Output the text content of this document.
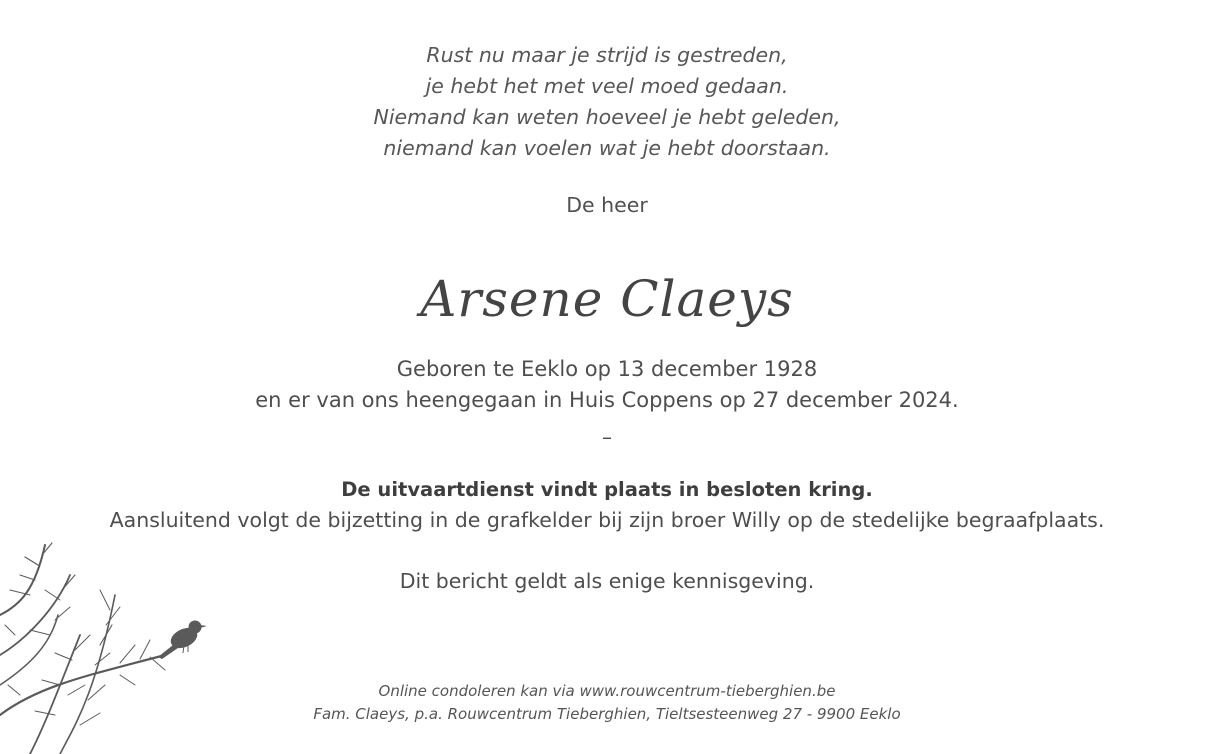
Rust nu maar je strijd is gestreden,
je hebt het met veel moed gedaan.
Niemand kan weten hoeveel je hebt geleden,
niemand kan voelen wat je hebt doorstaan.
De heer
Arsene Claeys
Geboren te Eeklo op 13 december 1928
en er van ons heengegaan in Huis Coppens op 27 december 2024.
–
De uitvaartdienst vindt plaats in besloten kring.
Aansluitend volgt de bijzetting in de grafkelder bij zijn broer Willy op de stedelijke begraafplaats.
Dit bericht geldt als enige kennisgeving.
Online condoleren kan via www.rouwcentrum-tieberghien.be
Fam. Claeys, p.a. Rouwcentrum Tieberghien, Tieltsesteenweg 27 - 9900 Eeklo
